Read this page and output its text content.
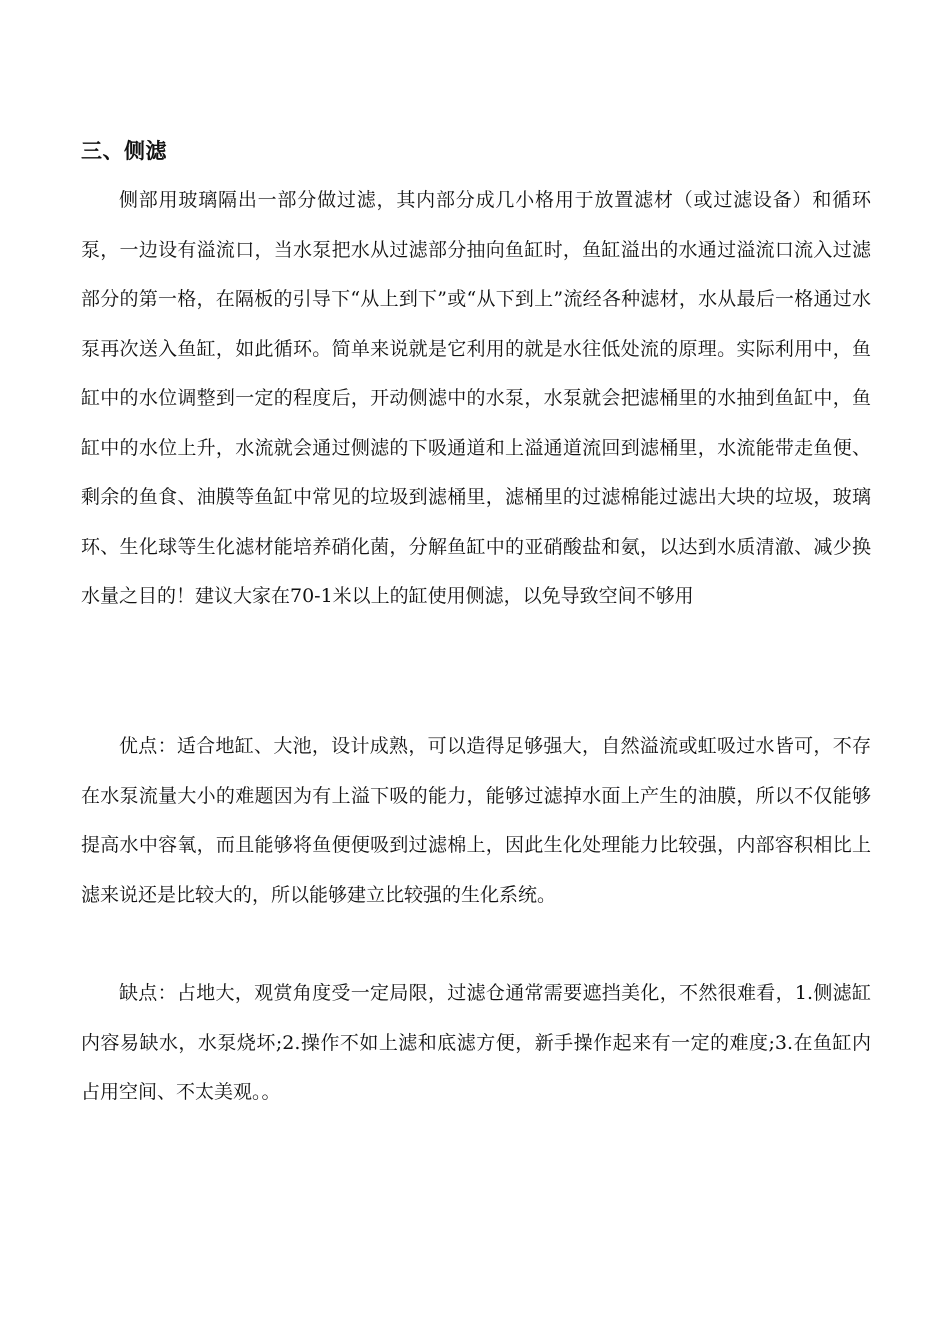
三、侧滤

侧部用玻璃隔出一部分做过滤，其内部分成几小格用于放置滤材（或过滤设备）和循环泵，一边设有溢流口，当水泵把水从过滤部分抽向鱼缸时，鱼缸溢出的水通过溢流口流入过滤部分的第一格，在隔板的引导下“从上到下”或“从下到上”流经各种滤材，水从最后一格通过水泵再次送入鱼缸，如此循环。简单来说就是它利用的就是水往低处流的原理。实际利用中，鱼缸中的水位调整到一定的程度后，开动侧滤中的水泵，水泵就会把滤桶里的水抽到鱼缸中，鱼缸中的水位上升，水流就会通过侧滤的下吸通道和上溢通道流回到滤桶里，水流能带走鱼便、剩余的鱼食、油膜等鱼缸中常见的垃圾到滤桶里，滤桶里的过滤棉能过滤出大块的垃圾，玻璃环、生化球等生化滤材能培养硝化菌，分解鱼缸中的亚硝酸盐和氨，以达到水质清澈、减少换水量之目的！建议大家在70-1米以上的缸使用侧滤，以免导致空间不够用

优点：适合地缸、大池，设计成熟，可以造得足够强大，自然溢流或虹吸过水皆可，不存在水泵流量大小的难题因为有上溢下吸的能力，能够过滤掉水面上产生的油膜，所以不仅能够提高水中容氧，而且能够将鱼便便吸到过滤棉上，因此生化处理能力比较强，内部容积相比上滤来说还是比较大的，所以能够建立比较强的生化系统。

缺点：占地大，观赏角度受一定局限，过滤仓通常需要遮挡美化，不然很难看，1.侧滤缸内容易缺水，水泵烧坏;2.操作不如上滤和底滤方便，新手操作起来有一定的难度;3.在鱼缸内占用空间、不太美观。。
